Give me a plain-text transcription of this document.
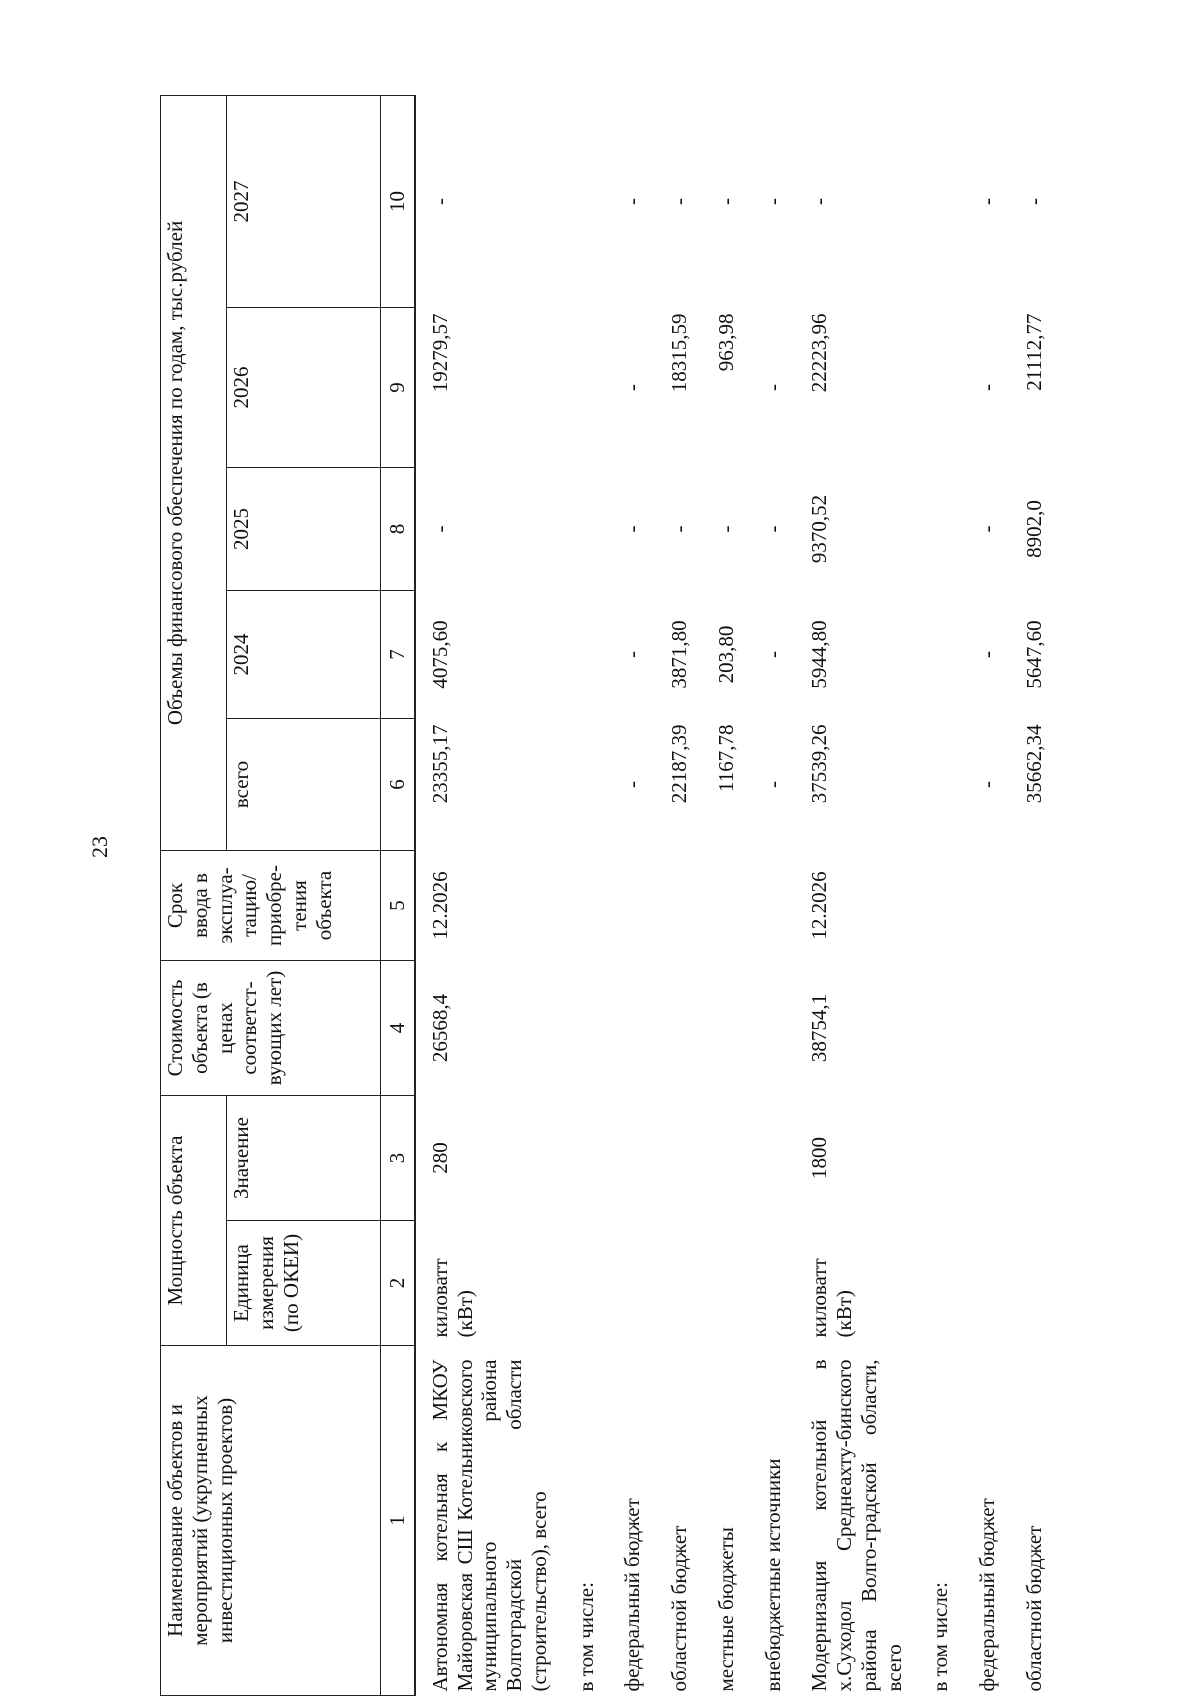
23
Наименование объектов и мероприятий (укрупненных инвестиционных проектов)	Мощность объекта		Стоимость объекта (в ценах соответст-вующих лет)	Срок ввода в эксплуа-тацию/ приобре-тения объекта	Объемы финансового обеспечения по годам, тыс.рублей				
	Единица измерения (по ОКЕИ)	Значение			всего	2024	2025	2026	2027
1	2	3	4	5	6	7	8	9	10
Автономная котельная к МКОУ Майоровская СШ Котельниковского муниципального района Волгоградской области (строительство), всего	киловатт (кВт)	280	26568,4	12.2026	23355,17	4075,60	-	19279,57	-
в том числе:									
федеральный бюджет					-	-	-	-	-
областной бюджет					22187,39	3871,80	-	18315,59	-
местные бюджеты					1167,78	203,80	-	963,98	-
внебюджетные источники					-	-	-	-	-
Модернизация котельной в х.Суходол Среднеахту-бинского района Волго-градской области, всего	киловатт (кВт)	1800	38754,1	12.2026	37539,26	5944,80	9370,52	22223,96	-
в том числе:									
федеральный бюджет					-	-	-	-	-
областной бюджет					35662,34	5647,60	8902,0	21112,77	-
